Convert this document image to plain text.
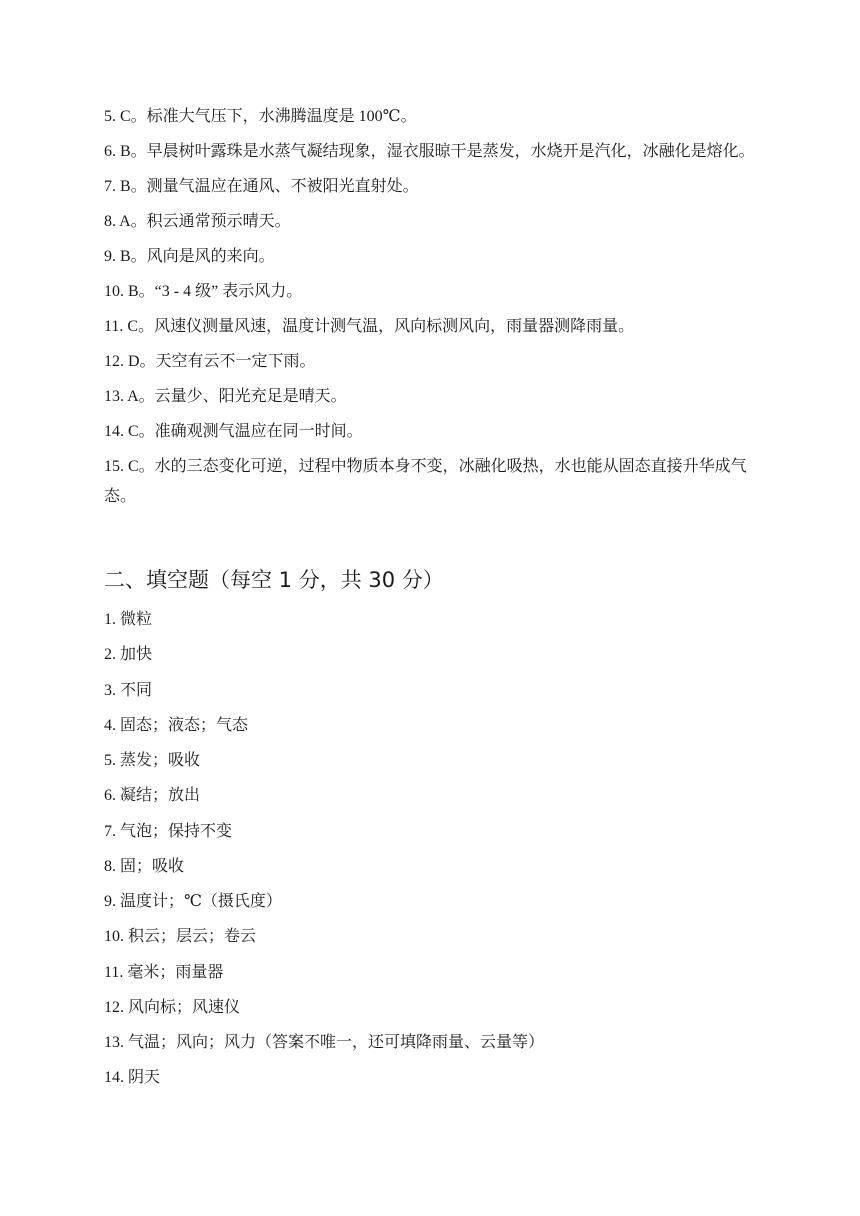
5. C。标准大气压下，水沸腾温度是 100℃。

6. B。早晨树叶露珠是水蒸气凝结现象，湿衣服晾干是蒸发，水烧开是汽化，冰融化是熔化。

7. B。测量气温应在通风、不被阳光直射处。

8. A。积云通常预示晴天。

9. B。风向是风的来向。

10. B。“3 - 4 级” 表示风力。

11. C。风速仪测量风速，温度计测气温，风向标测风向，雨量器测降雨量。

12. D。天空有云不一定下雨。

13. A。云量少、阳光充足是晴天。

14. C。准确观测气温应在同一时间。

15. C。水的三态变化可逆，过程中物质本身不变，冰融化吸热，水也能从固态直接升华成气态。

二、填空题（每空 1 分，共 30 分）

1. 微粒

2. 加快

3. 不同

4. 固态；液态；气态

5. 蒸发；吸收

6. 凝结；放出

7. 气泡；保持不变

8. 固；吸收

9. 温度计；℃（摄氏度）

10. 积云；层云；卷云

11. 毫米；雨量器

12. 风向标；风速仪

13. 气温；风向；风力（答案不唯一，还可填降雨量、云量等）

14. 阴天
